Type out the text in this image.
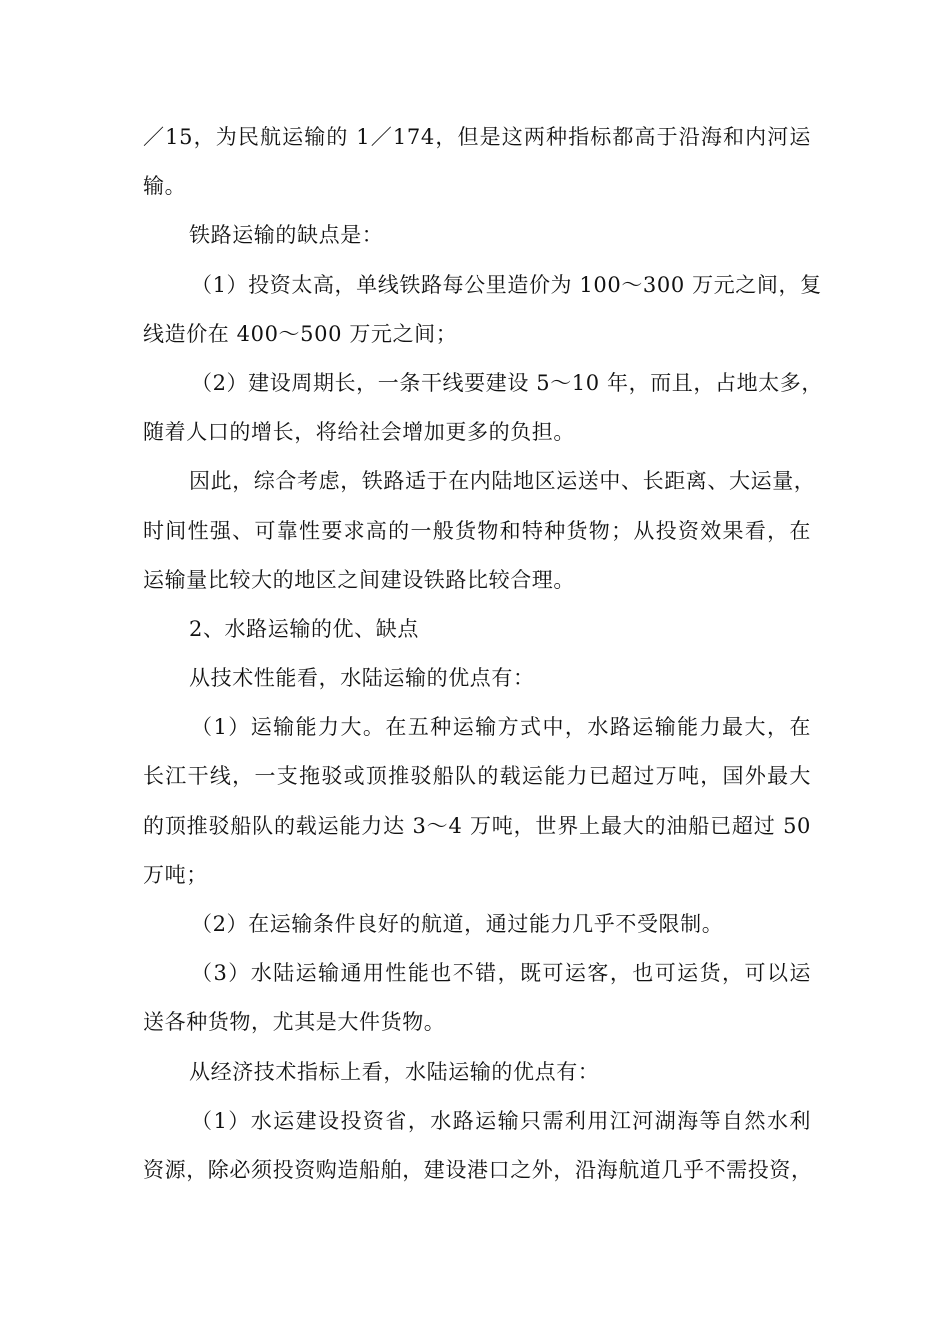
／15，为民航运输的 1／174，但是这两种指标都高于沿海和内河运
输。
铁路运输的缺点是：
（1）投资太高，单线铁路每公里造价为 100～300 万元之间，复
线造价在 400～500 万元之间；
（2）建设周期长，一条干线要建设 5～10 年，而且，占地太多，
随着人口的增长，将给社会增加更多的负担。
因此，综合考虑，铁路适于在内陆地区运送中、长距离、大运量，
时间性强、可靠性要求高的一般货物和特种货物；从投资效果看，在
运输量比较大的地区之间建设铁路比较合理。
2、水路运输的优、缺点
从技术性能看，水陆运输的优点有：
（1）运输能力大。在五种运输方式中，水路运输能力最大，在
长江干线，一支拖驳或顶推驳船队的载运能力已超过万吨，国外最大
的顶推驳船队的载运能力达 3～4 万吨，世界上最大的油船已超过 50
万吨；
（2）在运输条件良好的航道，通过能力几乎不受限制。
（3）水陆运输通用性能也不错，既可运客，也可运货，可以运
送各种货物，尤其是大件货物。
从经济技术指标上看，水陆运输的优点有：
（1）水运建设投资省，水路运输只需利用江河湖海等自然水利
资源，除必须投资购造船舶，建设港口之外，沿海航道几乎不需投资，
